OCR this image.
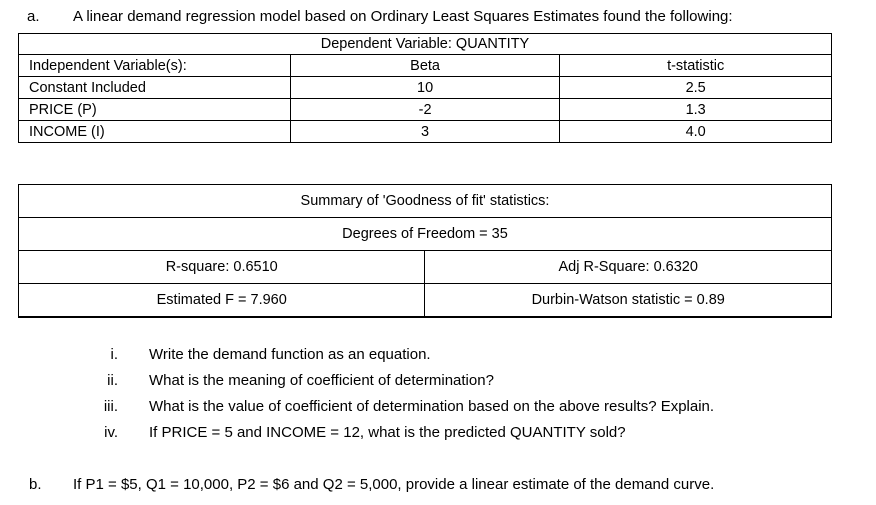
a. A linear demand regression model based on Ordinary Least Squares Estimates found the following:
Dependent Variable: QUANTITY		
Independent Variable(s):	Beta	t-statistic
Constant Included	10	2.5
PRICE (P)	-2	1.3
INCOME (I)	3	4.0
Summary of 'Goodness of fit' statistics:	
Degrees of Freedom = 35	
R-square: 0.6510	Adj R-Square: 0.6320
Estimated F = 7.960	Durbin-Watson statistic = 0.89
i. Write the demand function as an equation.
ii. What is the meaning of coefficient of determination?
iii. What is the value of coefficient of determination based on the above results? Explain.
iv. If PRICE = 5 and INCOME = 12, what is the predicted QUANTITY sold?
b. If P1 = $5, Q1 = 10,000, P2 = $6 and Q2 = 5,000, provide a linear estimate of the demand curve.
